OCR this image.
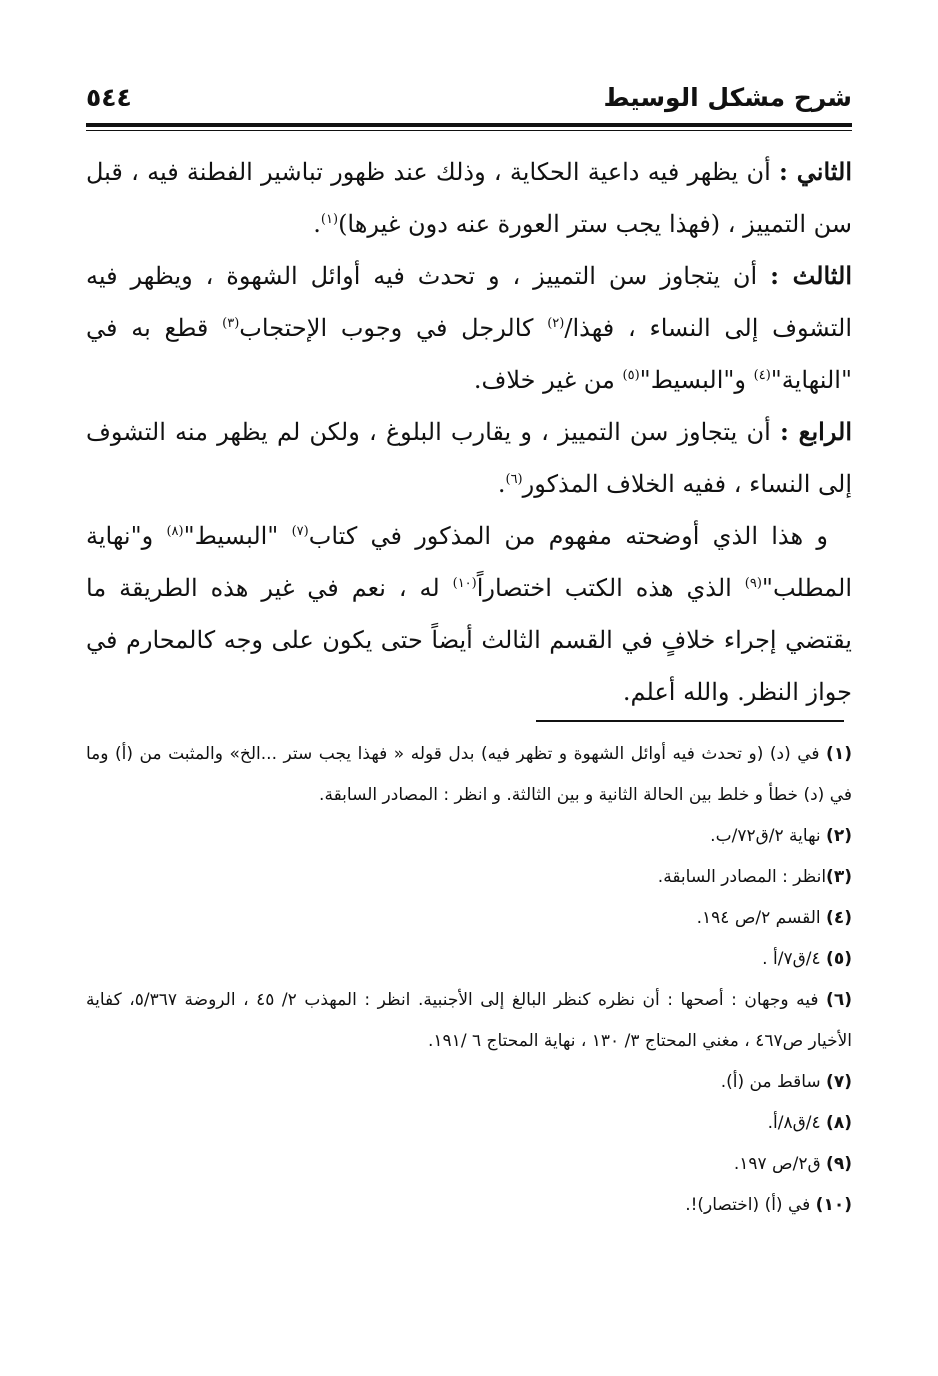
شرح مشكل الوسيط
٥٤٤

الثاني : أن يظهر فيه داعية الحكاية ، وذلك عند ظهور تباشير الفطنة فيه ، قبل سن التمييز ، (فهذا يجب ستر العورة عنه دون غيرها)$^{(١)}$.

الثالث : أن يتجاوز سن التمييز ، و تحدث فيه أوائل الشهوة ، ويظهر فيه التشوف إلى النساء ، فهذا/$^{(٢)}$ كالرجل في وجوب الإحتجاب$^{(٣)}$ قطع به في "النهاية"$^{(٤)}$ و"البسيط"$^{(٥)}$ من غير خلاف.

الرابع : أن يتجاوز سن التمييز ، و يقارب البلوغ ، ولكن لم يظهر منه التشوف إلى النساء ، ففيه الخلاف المذكور$^{(٦)}$.

و هذا الذي أوضحته مفهوم من المذكور في كتاب$^{(٧)}$ "البسيط"$^{(٨)}$ و"نهاية المطلب"$^{(٩)}$ الذي هذه الكتب اختصاراً$^{(١٠)}$ له ، نعم في غير هذه الطريقة ما يقتضي إجراء خلافٍ في القسم الثالث أيضاً حتى يكون على وجه كالمحارم في جواز النظر. والله أعلم.

(١) في (د) (و تحدث فيه أوائل الشهوة و تظهر فيه) بدل قوله « فهذا يجب ستر ...الخ» والمثبت من (أ) وما في (د) خطأ و خلط بين الحالة الثانية و بين الثالثة. و انظر : المصادر السابقة.
(٢) نهاية ٢/ق٧٢/ب.
(٣)انظر : المصادر السابقة.
(٤) القسم ٢/ص ١٩٤.
(٥) ٤/ق٧/أ .
(٦) فيه وجهان : أصحها : أن نظره كنظر البالغ إلى الأجنبية. انظر : المهذب ٢/ ٤٥ ، الروضة ٥/٣٦٧، كفاية الأخيار ص٤٦٧ ، مغني المحتاج ٣/ ١٣٠ ، نهاية المحتاج ٦ /١٩١.
(٧) ساقط من (أ).
(٨) ٤/ق٨/أ.
(٩) ق٢/ص ١٩٧.
(١٠) في (أ) (اختصار)!.
